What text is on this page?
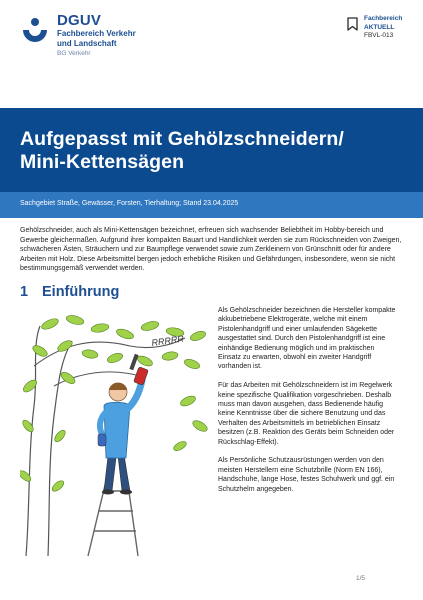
DGUV
Fachbereich Verkehr
und Landschaft
BG Verkehr
Fachbereich
AKTUELL
FBVL-013
Aufgepasst mit Gehölzschneidern/
Mini-Kettensägen
Sachgebiet Straße, Gewässer, Forsten, Tierhaltung; Stand 23.04.2025
Gehölzschneider, auch als Mini-Kettensägen bezeichnet, erfreuen sich wachsender Beliebtheit im Hobby-bereich und Gewerbe gleichermaßen. Aufgrund ihrer kompakten Bauart und Handlichkeit werden sie zum Rückschneiden von Zweigen, schwächeren Ästen, Sträuchern und zur Baumpflege verwendet sowie zum Zerkleinern von Grünschnitt oder für andere Arbeiten mit Holz. Diese Arbeitsmittel bergen jedoch erhebliche Risiken und Gefährdungen, insbesondere, wenn sie nicht bestimmungsgemäß verwendet werden.
1 Einführung
RRRRR

Als Gehölzschneider bezeichnen die Hersteller kompakte akkubetriebene Elektrogeräte, welche mit einem Pistolenhandgriff und einer umlaufenden Sägekette ausgestattet sind. Durch den Pistolenhandgriff ist eine einhändige Bedienung möglich und im praktischen Einsatz zu erwarten, obwohl ein zweiter Handgriff vorhanden ist.

Für das Arbeiten mit Gehölzschneidern ist im Regelwerk keine spezifische Qualifikation vorgeschrieben. Deshalb muss man davon ausgehen, dass Bedienende häufig keine Kenntnisse über die sichere Benutzung und das Verhalten des Arbeitsmittels im betrieblichen Einsatz besitzen (z.B. Reaktion des Geräts beim Schneiden oder Rückschlag-Effekt).

Als Persönliche Schutzausrüstungen werden von den meisten Herstellern eine Schutzbrille (Norm EN 166), Handschuhe, lange Hose, festes Schuhwerk und ggf. ein Schutzhelm angegeben.

1/5
